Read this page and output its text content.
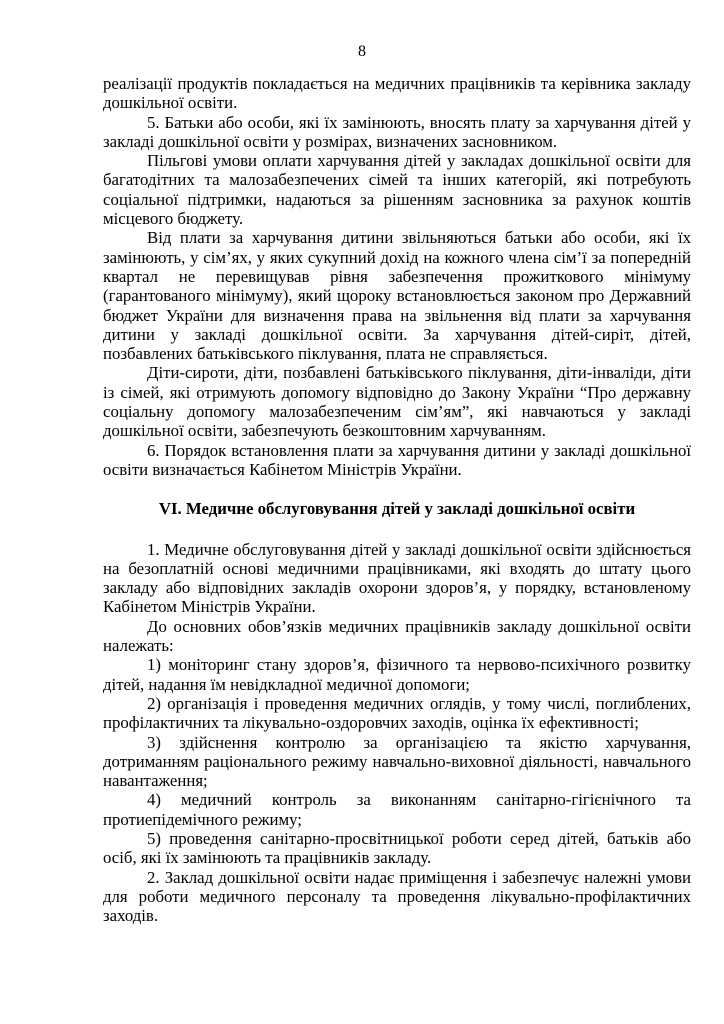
8

реалізації продуктів покладається на медичних працівників та керівника закладу дошкільної освіти.

5. Батьки або особи, які їх замінюють, вносять плату за харчування дітей у закладі дошкільної освіти у розмірах, визначених засновником.

Пільгові умови оплати харчування дітей у закладах дошкільної освіти для багатодітних та малозабезпечених сімей та інших категорій, які потребують соціальної підтримки, надаються за рішенням засновника за рахунок коштів місцевого бюджету.

Від плати за харчування дитини звільняються батьки або особи, які їх замінюють, у сім’ях, у яких сукупний дохід на кожного члена сім’ї за попередній квартал не перевищував рівня забезпечення прожиткового мінімуму (гарантованого мінімуму), який щороку встановлюється законом про Державний бюджет України для визначення права на звільнення від плати за харчування дитини у закладі дошкільної освіти. За харчування дітей-сиріт, дітей, позбавлених батьківського піклування, плата не справляється.

Діти-сироти, діти, позбавлені батьківського піклування, діти-інваліди, діти із сімей, які отримують допомогу відповідно до Закону України “Про державну соціальну допомогу малозабезпеченим сім’ям”, які навчаються у закладі дошкільної освіти, забезпечують безкоштовним харчуванням.

6. Порядок встановлення плати за харчування дитини у закладі дошкільної освіти визначається Кабінетом Міністрів України.

VI. Медичне обслуговування дітей у закладі дошкільної освіти

1. Медичне обслуговування дітей у закладі дошкільної освіти здійснюється на безоплатній основі медичними працівниками, які входять до штату цього закладу або відповідних закладів охорони здоров’я, у порядку, встановленому Кабінетом Міністрів України.

До основних обов’язків медичних працівників закладу дошкільної освіти належать:

1) моніторинг стану здоров’я, фізичного та нервово-психічного розвитку дітей, надання їм невідкладної медичної допомоги;

2) організація і проведення медичних оглядів, у тому числі, поглиблених, профілактичних та лікувально-оздоровчих заходів, оцінка їх ефективності;

3) здійснення контролю за організацією та якістю харчування, дотриманням раціонального режиму навчально-виховної діяльності, навчального навантаження;

4) медичний контроль за виконанням санітарно-гігієнічного та протиепідемічного режиму;

5) проведення санітарно-просвітницької роботи серед дітей, батьків або осіб, які їх замінюють та працівників закладу.

2. Заклад дошкільної освіти надає приміщення і забезпечує належні умови для роботи медичного персоналу та проведення лікувально-профілактичних заходів.
